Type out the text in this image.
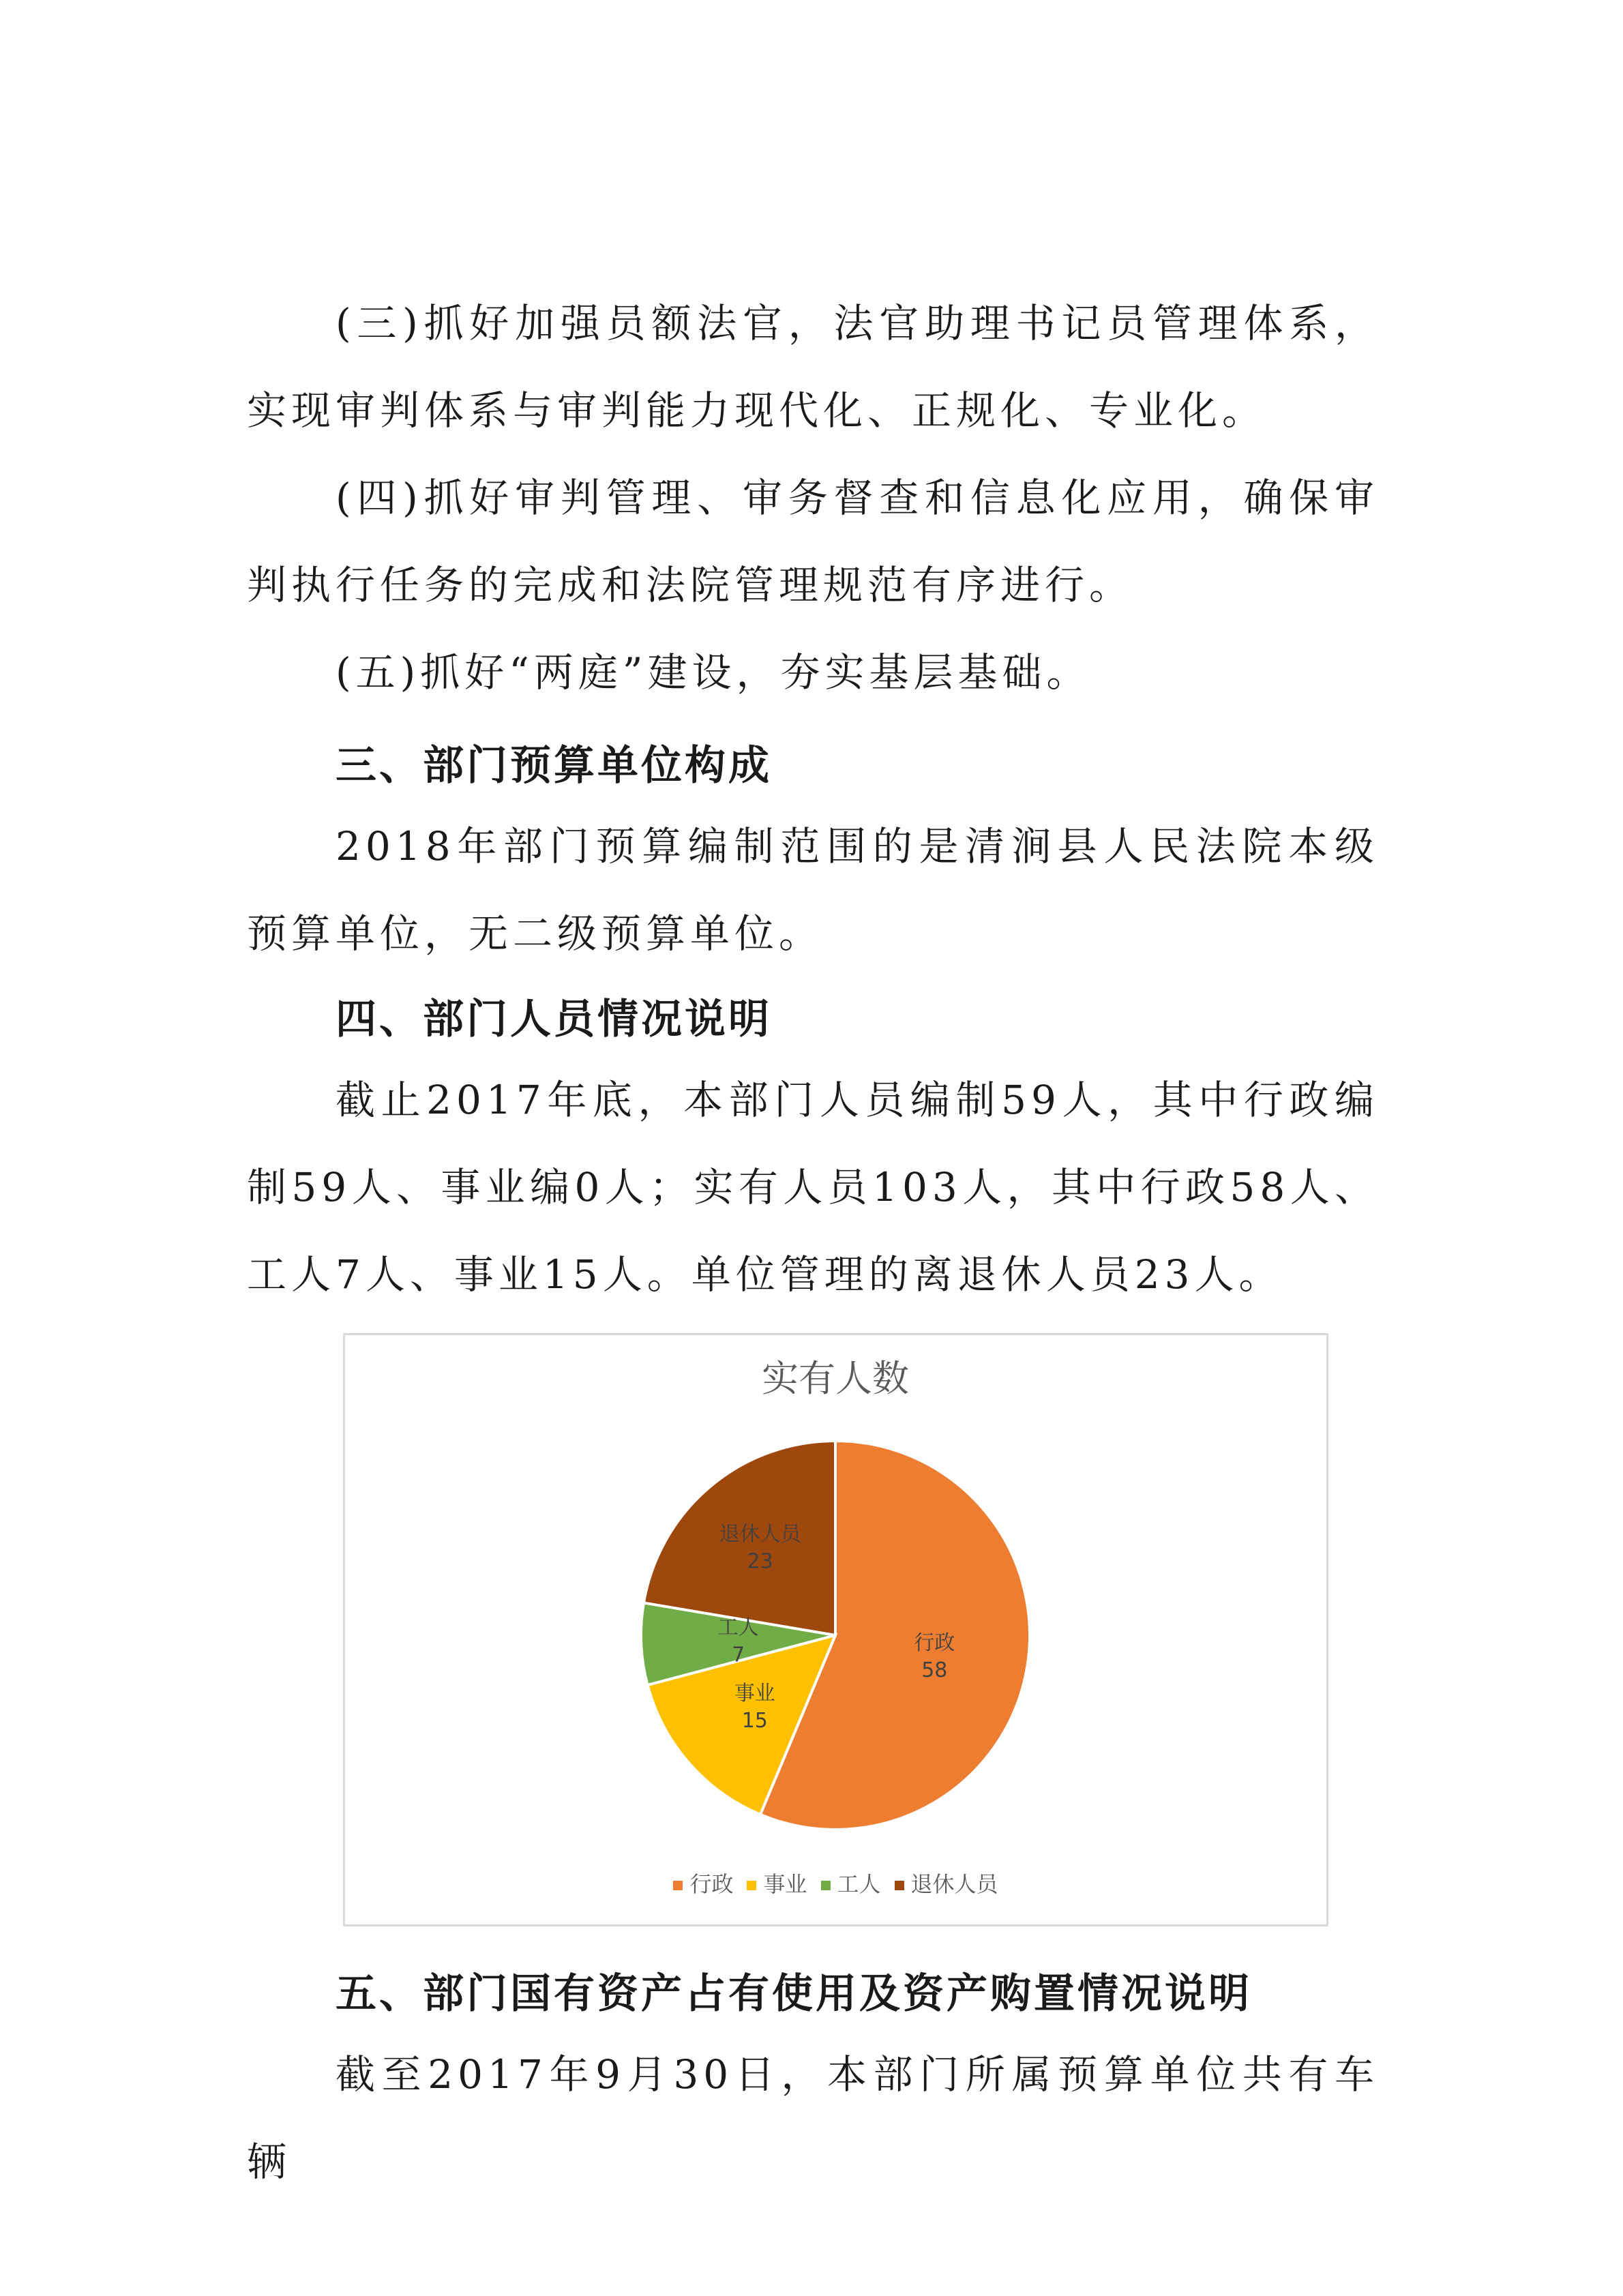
(三)抓好加强员额法官，法官助理书记员管理体系，实现审判体系与审判能力现代化、正规化、专业化。

(四)抓好审判管理、审务督查和信息化应用，确保审判执行任务的完成和法院管理规范有序进行。

(五)抓好“两庭”建设，夯实基层基础。

三、部门预算单位构成

2018年部门预算编制范围的是清涧县人民法院本级预算单位，无二级预算单位。

四、部门人员情况说明

截止2017年底，本部门人员编制59人，其中行政编制59人、事业编0人；实有人员103人，其中行政58人、工人7人、事业15人。单位管理的离退休人员23人。

实有人数
行政
58
事业
15
工人
7
退休人员
23
行政 事业 工人 退休人员
五、部门国有资产占有使用及资产购置情况说明

截至2017年9月30日，本部门所属预算单位共有车辆
